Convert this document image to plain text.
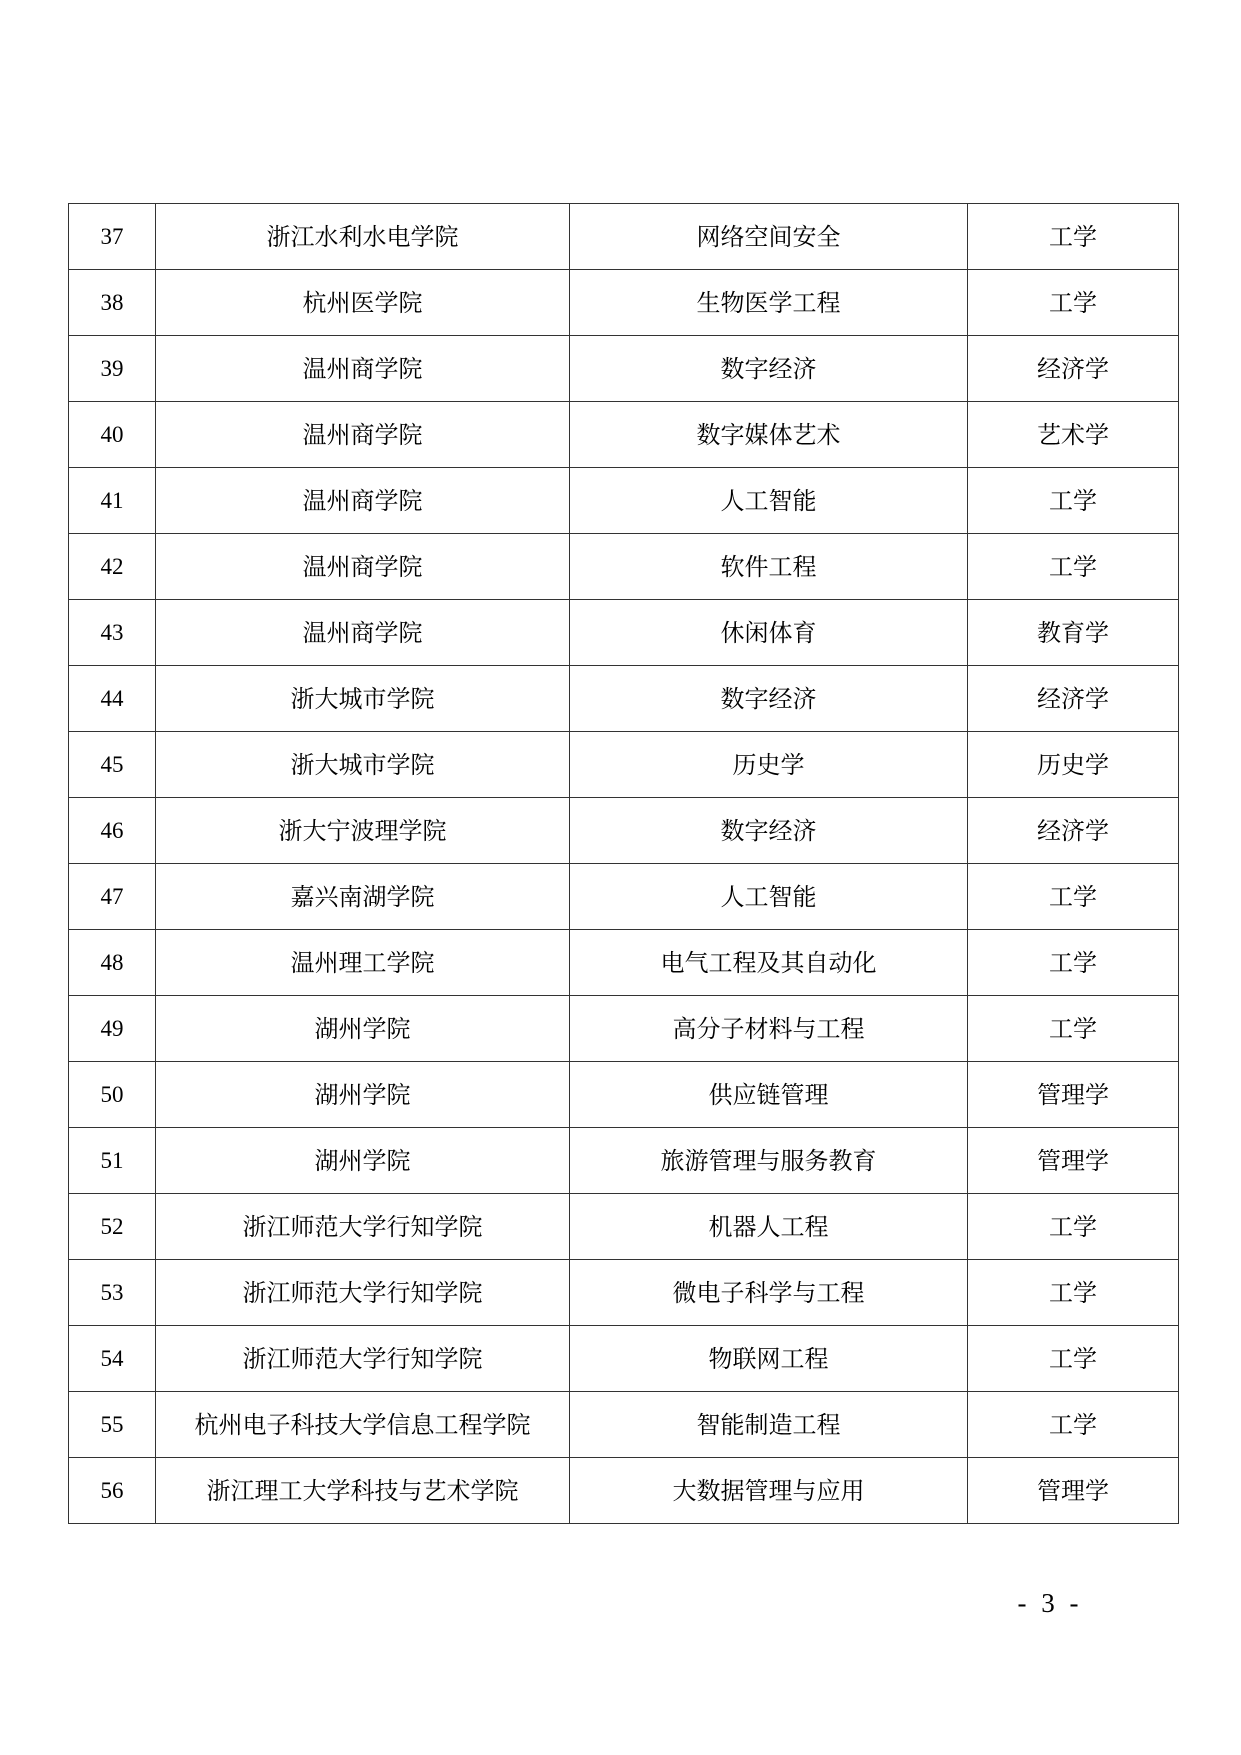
37	浙江水利水电学院	网络空间安全	工学
38	杭州医学院	生物医学工程	工学
39	温州商学院	数字经济	经济学
40	温州商学院	数字媒体艺术	艺术学
41	温州商学院	人工智能	工学
42	温州商学院	软件工程	工学
43	温州商学院	休闲体育	教育学
44	浙大城市学院	数字经济	经济学
45	浙大城市学院	历史学	历史学
46	浙大宁波理学院	数字经济	经济学
47	嘉兴南湖学院	人工智能	工学
48	温州理工学院	电气工程及其自动化	工学
49	湖州学院	高分子材料与工程	工学
50	湖州学院	供应链管理	管理学
51	湖州学院	旅游管理与服务教育	管理学
52	浙江师范大学行知学院	机器人工程	工学
53	浙江师范大学行知学院	微电子科学与工程	工学
54	浙江师范大学行知学院	物联网工程	工学
55	杭州电子科技大学信息工程学院	智能制造工程	工学
56	浙江理工大学科技与艺术学院	大数据管理与应用	管理学
- 3 -
